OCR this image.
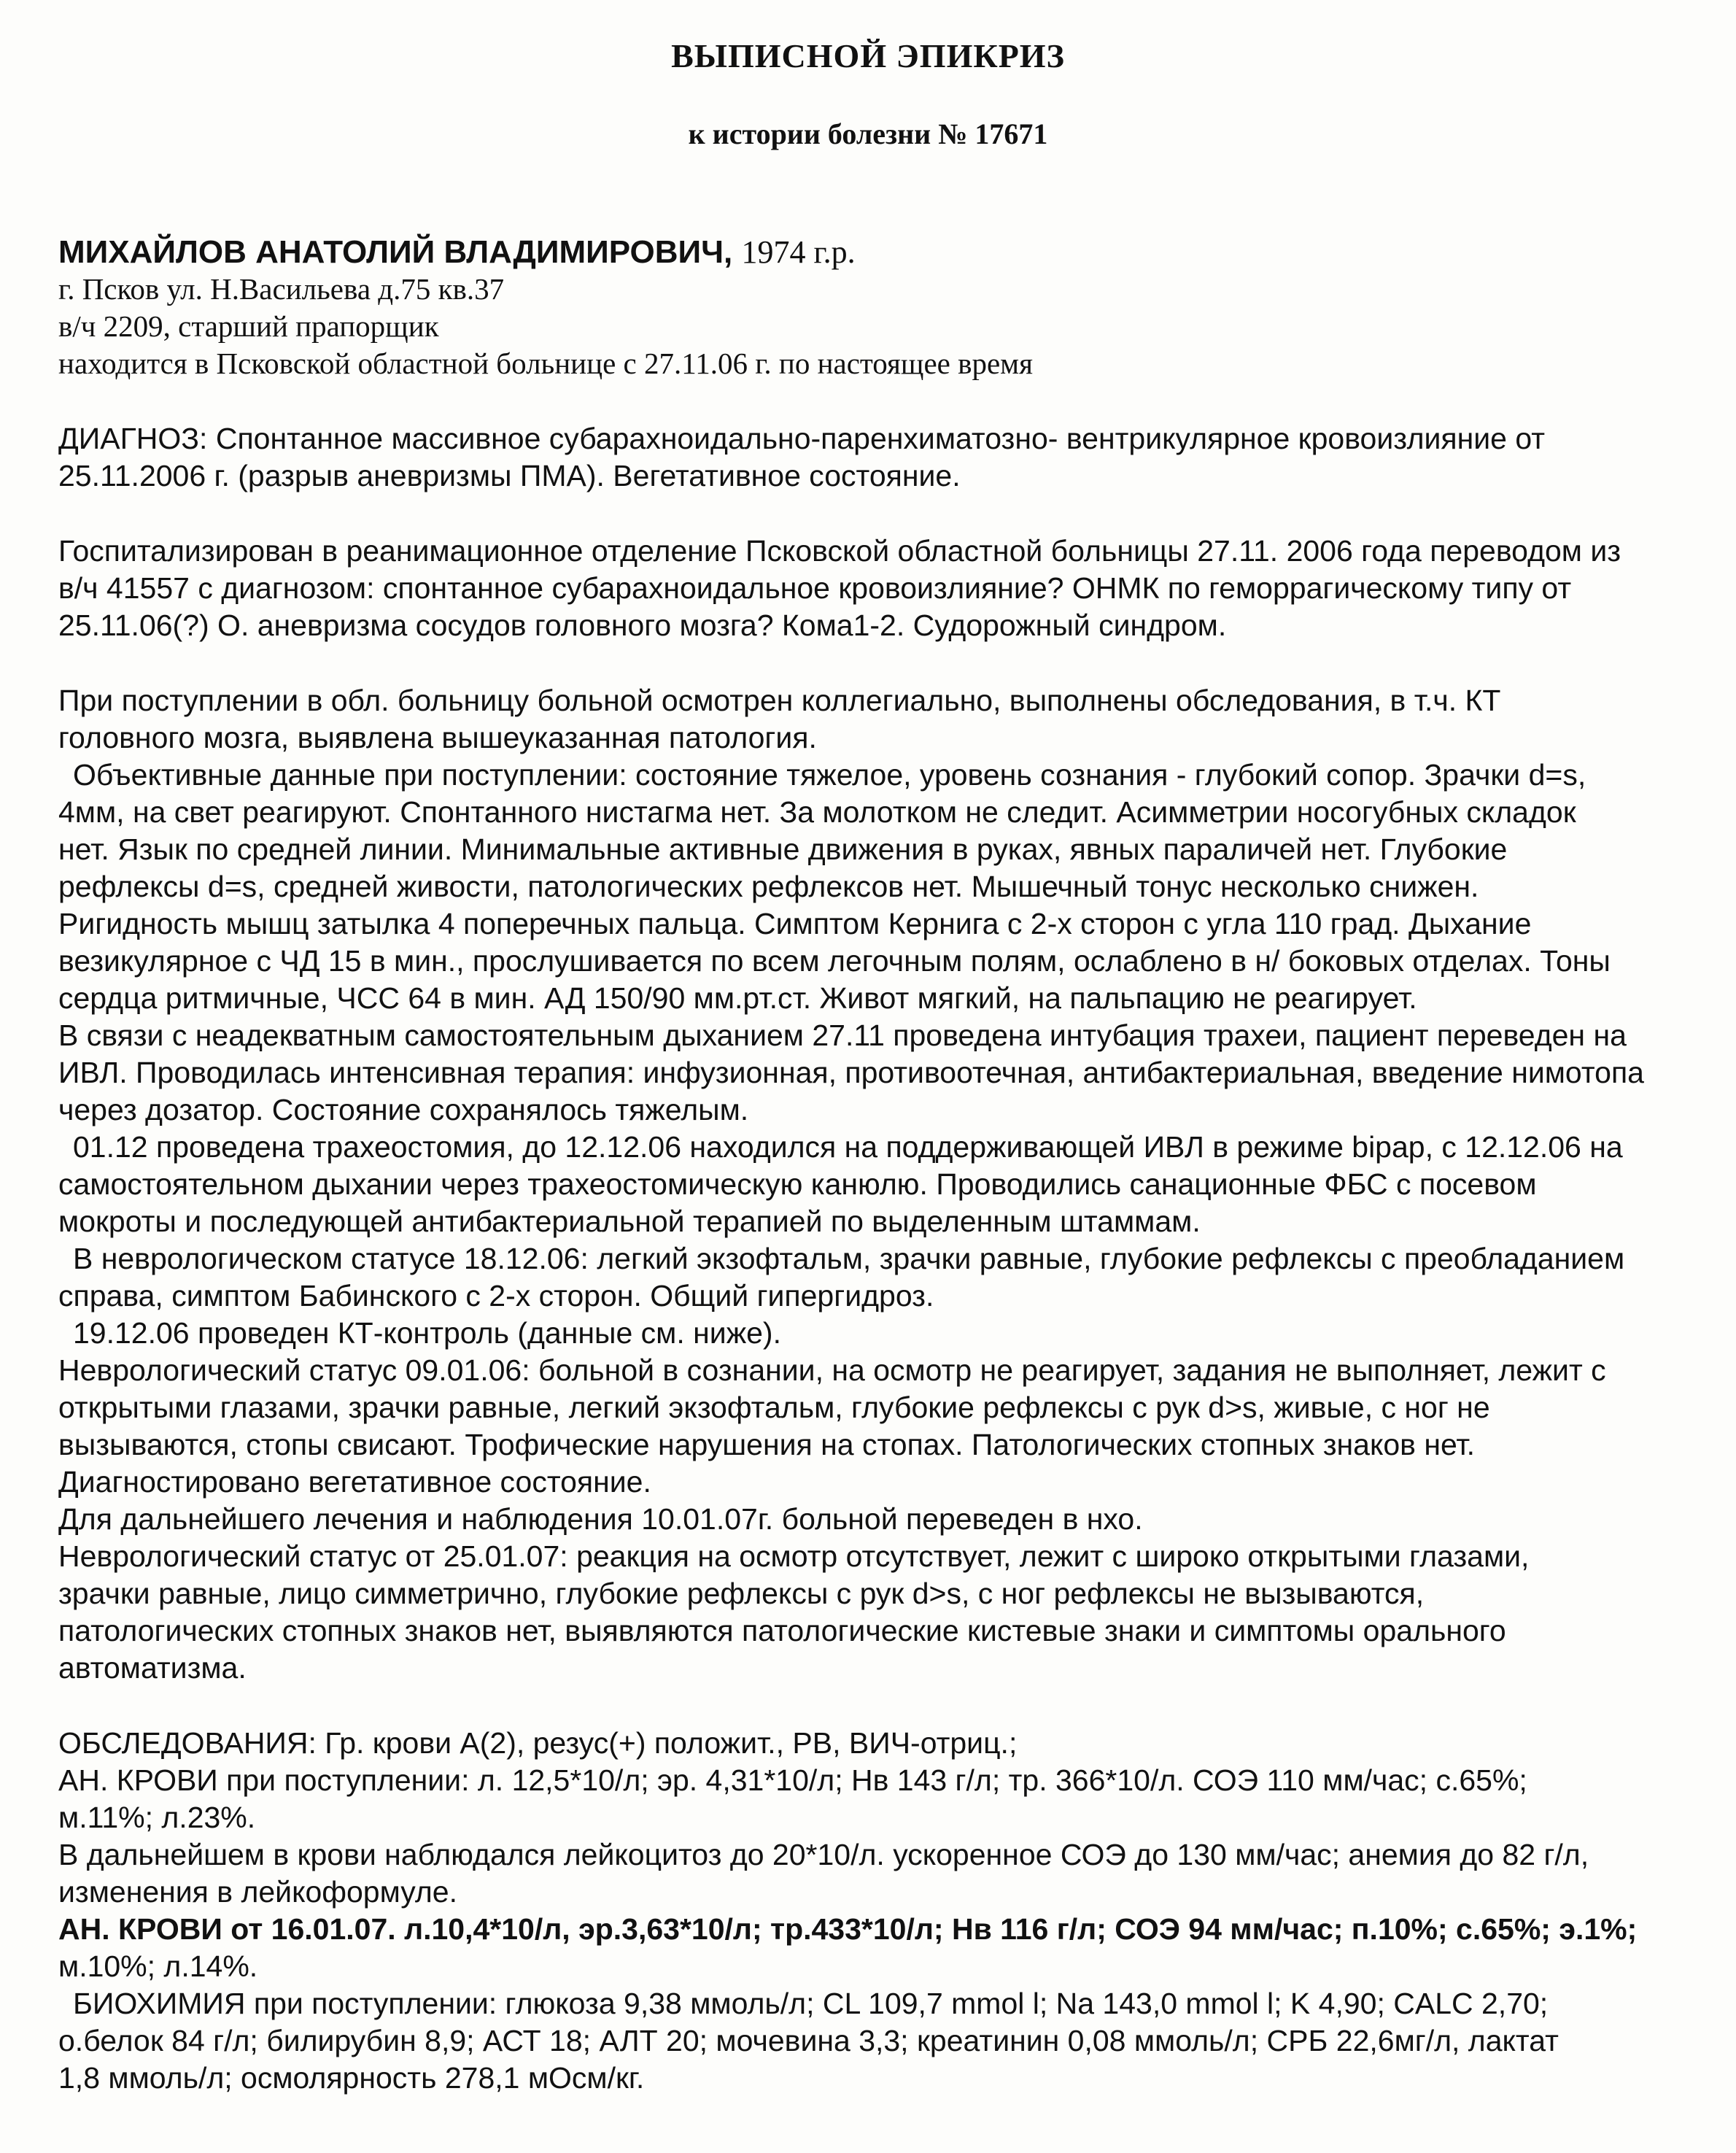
ВЫПИСНОЙ ЭПИКРИЗ
к истории болезни № 17671
МИХАЙЛОВ АНАТОЛИЙ ВЛАДИМИРОВИЧ, 1974 г.р.
г. Псков ул. Н.Васильева д.75 кв.37
в/ч 2209, старший прапорщик
находится в Псковской областной больнице с 27.11.06 г. по настоящее время
ДИАГНОЗ: Спонтанное массивное субарахноидально-паренхиматозно- вентрикулярное кровоизлияние от
25.11.2006 г. (разрыв аневризмы ПМА). Вегетативное состояние.
Госпитализирован в реанимационное отделение Псковской областной больницы 27.11. 2006 года переводом из
в/ч 41557 с диагнозом: спонтанное субарахноидальное кровоизлияние? ОНМК по геморрагическому типу от
25.11.06(?) О. аневризма сосудов головного мозга? Кома1-2. Судорожный синдром.
При поступлении в обл. больницу больной осмотрен коллегиально, выполнены обследования, в т.ч. КТ
головного мозга, выявлена вышеуказанная патология.
Объективные данные при поступлении: состояние тяжелое, уровень сознания - глубокий сопор. Зрачки d=s,
4мм, на свет реагируют. Спонтанного нистагма нет. За молотком не следит. Асимметрии носогубных складок
нет. Язык по средней линии. Минимальные активные движения в руках, явных параличей нет. Глубокие
рефлексы d=s, средней живости, патологических рефлексов нет. Мышечный тонус несколько снижен.
Ригидность мышц затылка 4 поперечных пальца. Симптом Кернига с 2-х сторон с угла 110 град. Дыхание
везикулярное с ЧД 15 в мин., прослушивается по всем легочным полям, ослаблено в н/ боковых отделах. Тоны
сердца ритмичные, ЧСС 64 в мин. АД 150/90 мм.рт.ст. Живот мягкий, на пальпацию не реагирует.
В связи с неадекватным самостоятельным дыханием 27.11 проведена интубация трахеи, пациент переведен на
ИВЛ. Проводилась интенсивная терапия: инфузионная, противоотечная, антибактериальная, введение нимотопа
через дозатор. Состояние сохранялось тяжелым.
01.12 проведена трахеостомия, до 12.12.06 находился на поддерживающей ИВЛ в режиме bipap, с 12.12.06 на
самостоятельном дыхании через трахеостомическую канюлю. Проводились санационные ФБС с посевом
мокроты и последующей антибактериальной терапией по выделенным штаммам.
В неврологическом статусе 18.12.06: легкий экзофтальм, зрачки равные, глубокие рефлексы с преобладанием
справа, симптом Бабинского с 2-х сторон. Общий гипергидроз.
19.12.06 проведен КТ-контроль (данные см. ниже).
Неврологический статус 09.01.06: больной в сознании, на осмотр не реагирует, задания не выполняет, лежит с
открытыми глазами, зрачки равные, легкий экзофтальм, глубокие рефлексы с рук d>s, живые, с ног не
вызываются, стопы свисают. Трофические нарушения на стопах. Патологических стопных знаков нет.
Диагностировано вегетативное состояние.
Для дальнейшего лечения и наблюдения 10.01.07г. больной переведен в нхо.
Неврологический статус от 25.01.07: реакция на осмотр отсутствует, лежит с широко открытыми глазами,
зрачки равные, лицо симметрично, глубокие рефлексы с рук d>s, с ног рефлексы не вызываются,
патологических стопных знаков нет, выявляются патологические кистевые знаки и симптомы орального
автоматизма.
ОБСЛЕДОВАНИЯ: Гр. крови А(2), резус(+) положит., РВ, ВИЧ-отриц.;
АН. КРОВИ при поступлении: л. 12,5*10/л; эр. 4,31*10/л; Нв 143 г/л; тр. 366*10/л. СОЭ 110 мм/час; с.65%;
м.11%; л.23%.
В дальнейшем в крови наблюдался лейкоцитоз до 20*10/л. ускоренное СОЭ до 130 мм/час; анемия до 82 г/л,
изменения в лейкоформуле.
АН. КРОВИ от 16.01.07. л.10,4*10/л, эр.3,63*10/л; тр.433*10/л; Нв 116 г/л; СОЭ 94 мм/час; п.10%; с.65%; э.1%;
м.10%; л.14%.
БИОХИМИЯ при поступлении: глюкоза 9,38 ммоль/л; CL 109,7 mmol l; Na 143,0 mmol l; K 4,90; CALC 2,70;
о.белок 84 г/л; билирубин 8,9; АСТ 18; АЛТ 20; мочевина 3,3; креатинин 0,08 ммоль/л; СРБ 22,6мг/л, лактат
1,8 ммоль/л; осмолярность 278,1 мОсм/кг.
